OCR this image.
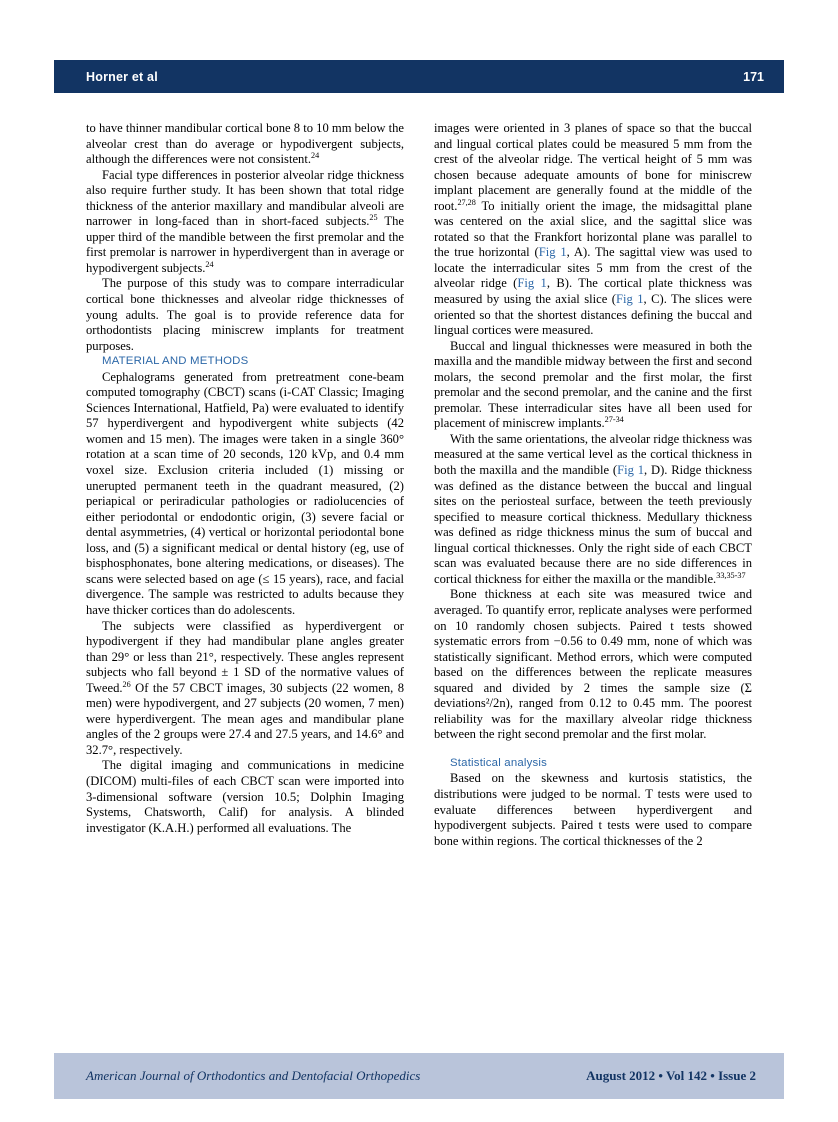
Horner et al	171

to have thinner mandibular cortical bone 8 to 10 mm below the alveolar crest than do average or hypodivergent subjects, although the differences were not consistent.$^{24}$

Facial type differences in posterior alveolar ridge thickness also require further study. It has been shown that total ridge thickness of the anterior maxillary and mandibular alveoli are narrower in long-faced than in short-faced subjects.$^{25}$ The upper third of the mandible between the first premolar and the first premolar is narrower in hyperdivergent than in average or hypodivergent subjects.$^{24}$

The purpose of this study was to compare interradicular cortical bone thicknesses and alveolar ridge thicknesses of young adults. The goal is to provide reference data for orthodontists placing miniscrew implants for treatment purposes.

MATERIAL AND METHODS

Cephalograms generated from pretreatment cone-beam computed tomography (CBCT) scans (i-CAT Classic; Imaging Sciences International, Hatfield, Pa) were evaluated to identify 57 hyperdivergent and hypodivergent white subjects (42 women and 15 men). The images were taken in a single 360° rotation at a scan time of 20 seconds, 120 kVp, and 0.4 mm voxel size. Exclusion criteria included (1) missing or unerupted permanent teeth in the quadrant measured, (2) periapical or periradicular pathologies or radiolucencies of either periodontal or endodontic origin, (3) severe facial or dental asymmetries, (4) vertical or horizontal periodontal bone loss, and (5) a significant medical or dental history (eg, use of bisphosphonates, bone altering medications, or diseases). The scans were selected based on age (≤ 15 years), race, and facial divergence. The sample was restricted to adults because they have thicker cortices than do adolescents.

The subjects were classified as hyperdivergent or hypodivergent if they had mandibular plane angles greater than 29° or less than 21°, respectively. These angles represent subjects who fall beyond ± 1 SD of the normative values of Tweed.$^{26}$ Of the 57 CBCT images, 30 subjects (22 women, 8 men) were hypodivergent, and 27 subjects (20 women, 7 men) were hyperdivergent. The mean ages and mandibular plane angles of the 2 groups were 27.4 and 27.5 years, and 14.6° and 32.7°, respectively.

The digital imaging and communications in medicine (DICOM) multi-files of each CBCT scan were imported into 3-dimensional software (version 10.5; Dolphin Imaging Systems, Chatsworth, Calif) for analysis. A blinded investigator (K.A.H.) performed all evaluations. The

images were oriented in 3 planes of space so that the buccal and lingual cortical plates could be measured 5 mm from the crest of the alveolar ridge. The vertical height of 5 mm was chosen because adequate amounts of bone for miniscrew implant placement are generally found at the middle of the root.$^{27,28}$ To initially orient the image, the midsagittal plane was centered on the axial slice, and the sagittal slice was rotated so that the Frankfort horizontal plane was parallel to the true horizontal (Fig 1, A). The sagittal view was used to locate the interradicular sites 5 mm from the crest of the alveolar ridge (Fig 1, B). The cortical plate thickness was measured by using the axial slice (Fig 1, C). The slices were oriented so that the shortest distances defining the buccal and lingual cortices were measured.

Buccal and lingual thicknesses were measured in both the maxilla and the mandible midway between the first and second molars, the second premolar and the first molar, the first premolar and the second premolar, and the canine and the first premolar. These interradicular sites have all been used for placement of miniscrew implants.$^{27-34}$

With the same orientations, the alveolar ridge thickness was measured at the same vertical level as the cortical thickness in both the maxilla and the mandible (Fig 1, D). Ridge thickness was defined as the distance between the buccal and lingual sites on the periosteal surface, between the teeth previously specified to measure cortical thickness. Medullary thickness was defined as ridge thickness minus the sum of buccal and lingual cortical thicknesses. Only the right side of each CBCT scan was evaluated because there are no side differences in cortical thickness for either the maxilla or the mandible.$^{33,35-37}$

Bone thickness at each site was measured twice and averaged. To quantify error, replicate analyses were performed on 10 randomly chosen subjects. Paired t tests showed systematic errors from −0.56 to 0.49 mm, none of which was statistically significant. Method errors, which were computed based on the differences between the replicate measures squared and divided by 2 times the sample size (Σ deviations²/2n), ranged from 0.12 to 0.45 mm. The poorest reliability was for the maxillary alveolar ridge thickness between the right second premolar and the first molar.

Statistical analysis

Based on the skewness and kurtosis statistics, the distributions were judged to be normal. T tests were used to evaluate differences between hyperdivergent and hypodivergent subjects. Paired t tests were used to compare bone within regions. The cortical thicknesses of the 2

American Journal of Orthodontics and Dentofacial Orthopedics	August 2012 • Vol 142 • Issue 2
